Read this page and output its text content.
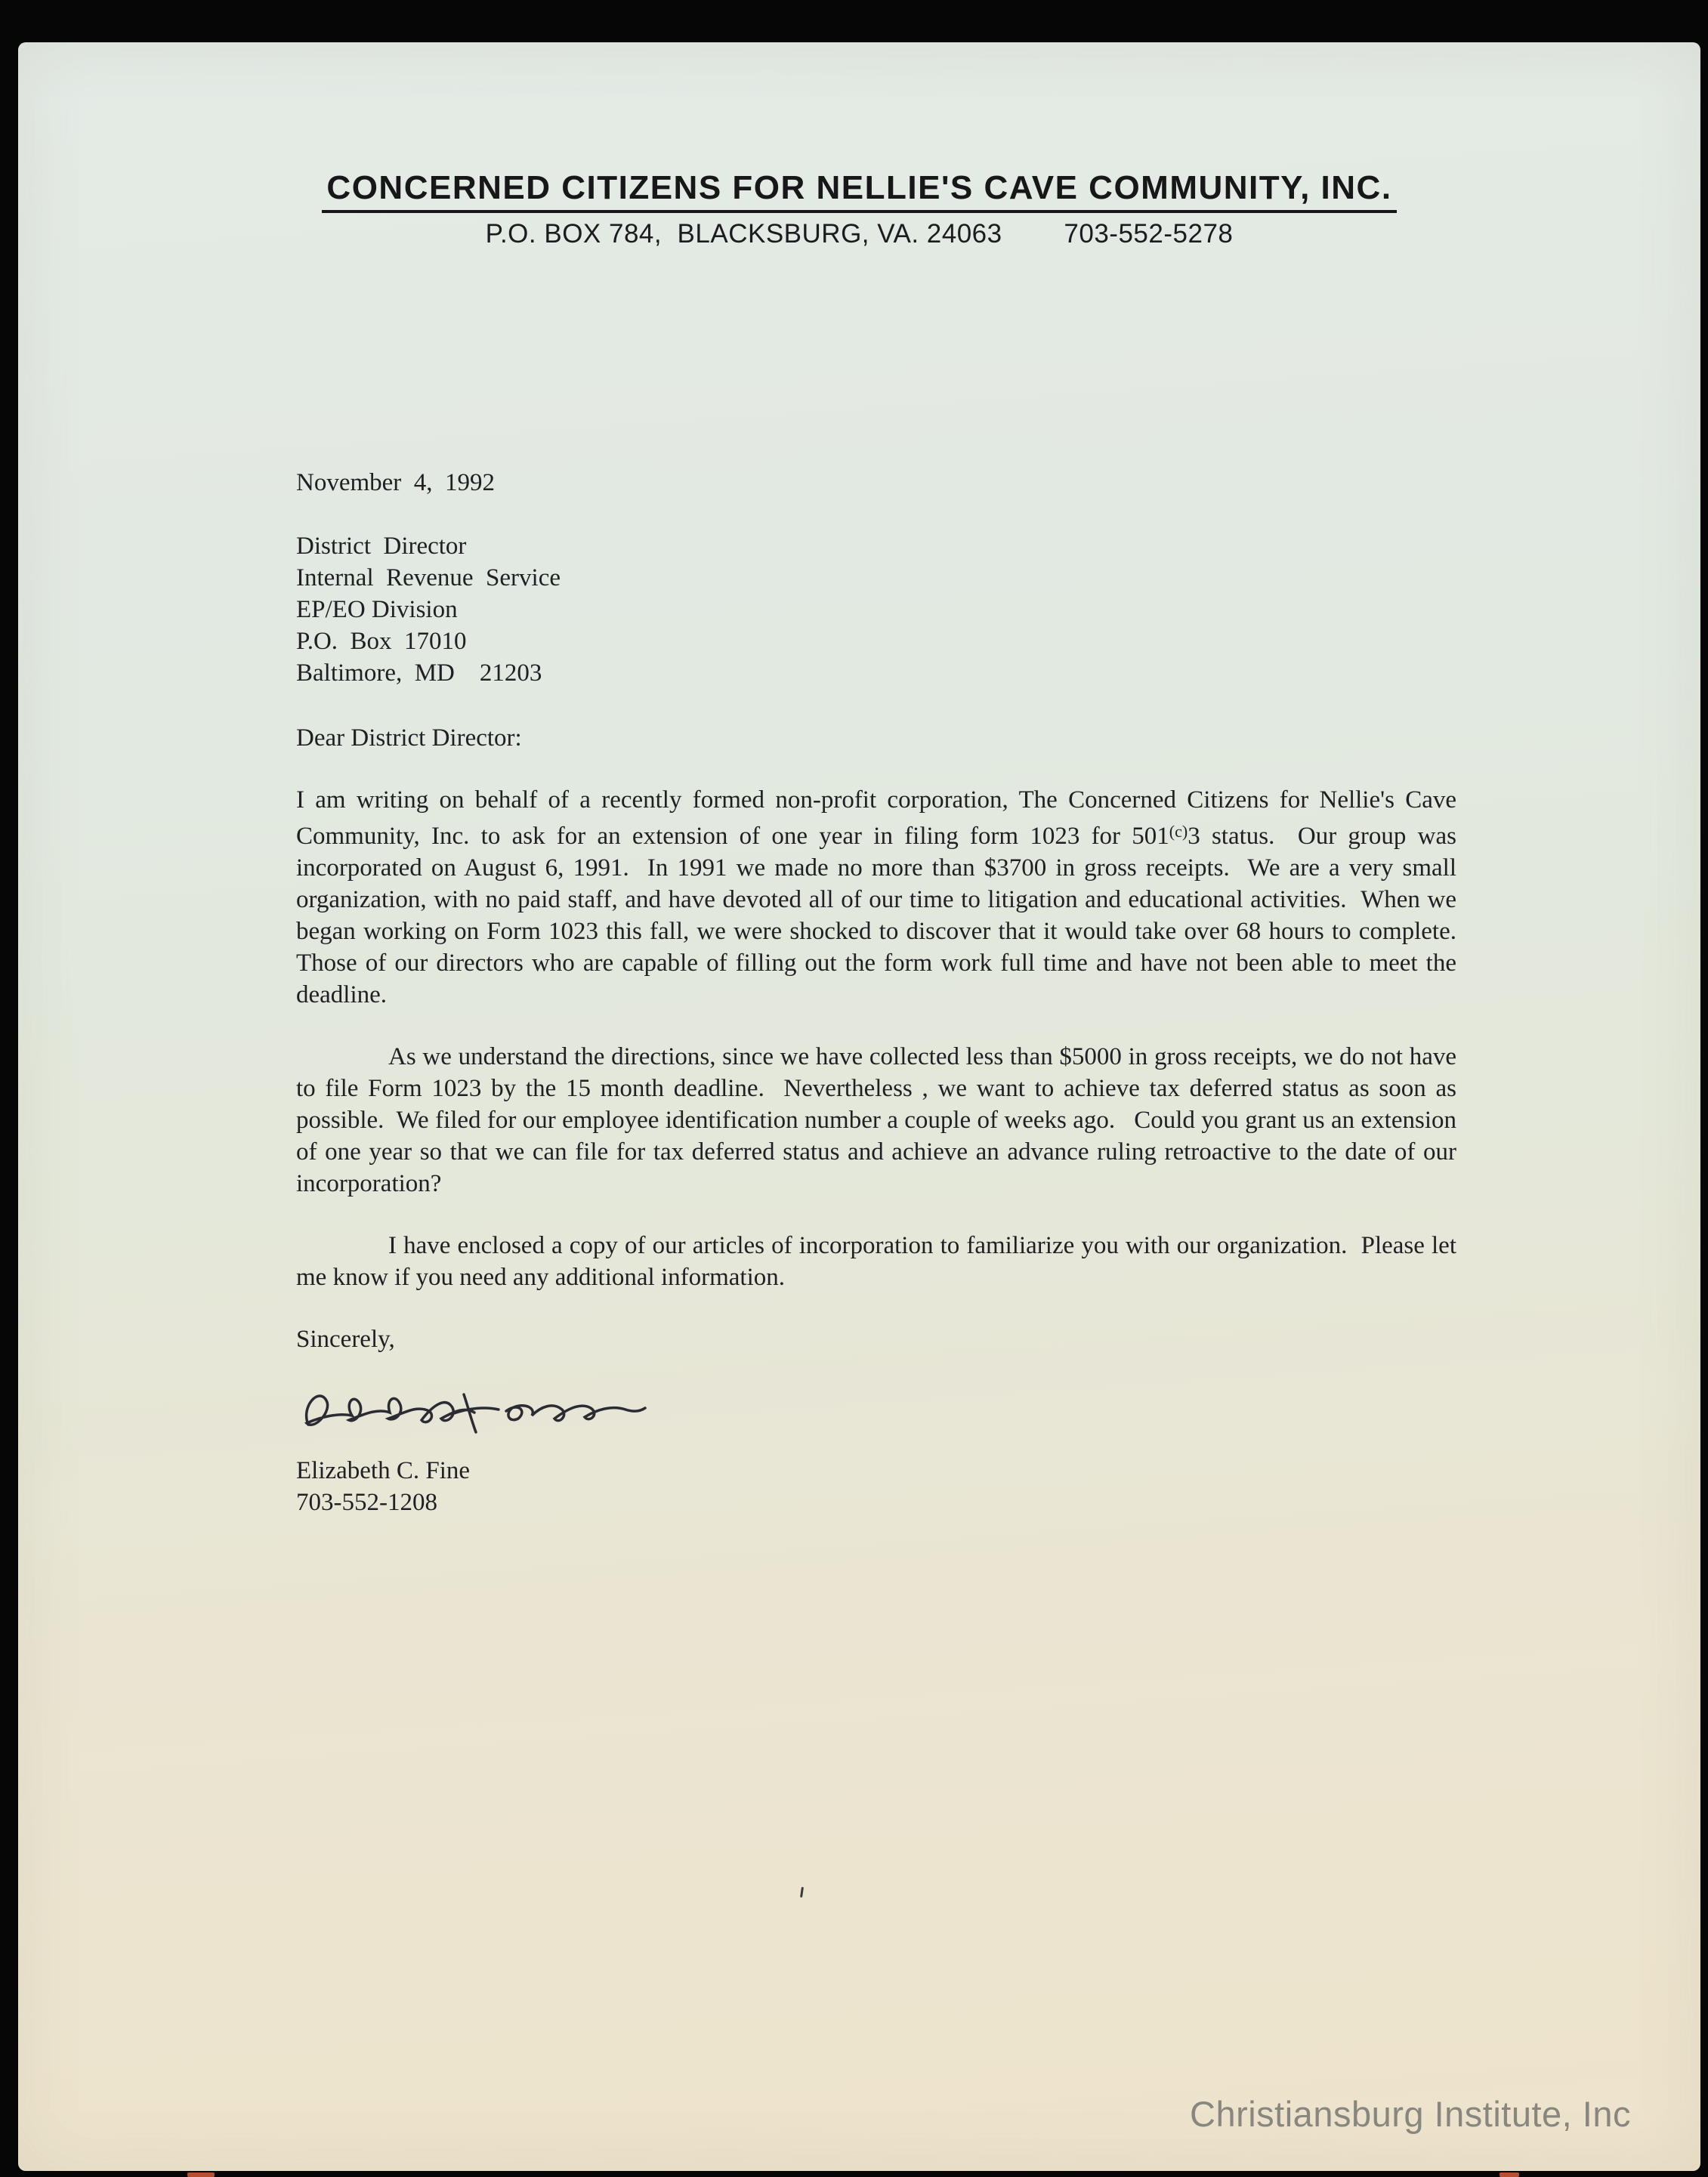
CONCERNED CITIZENS FOR NELLIE'S CAVE COMMUNITY, INC.
P.O. BOX 784,  BLACKSBURG, VA. 24063        703-552-5278
November  4,  1992
District  Director
Internal  Revenue  Service
EP/EO Division
P.O.  Box  17010
Baltimore,  MD    21203
Dear District Director:
I am writing on behalf of a recently formed non-profit corporation, The Concerned Citizens for Nellie's Cave Community, Inc. to ask for an extension of one year in filing form 1023 for 501$^{(c)}$3 status.  Our group was incorporated on August 6, 1991.  In 1991 we made no more than $3700 in gross receipts.  We are a very small organization, with no paid staff, and have devoted all of our time to litigation and educational activities.  When we began working on Form 1023 this fall, we were shocked to discover that it would take over 68 hours to complete.  Those of our directors who are capable of filling out the form work full time and have not been able to meet the deadline.
As we understand the directions, since we have collected less than $5000 in gross receipts, we do not have to file Form 1023 by the 15 month deadline.  Nevertheless , we want to achieve tax deferred status as soon as possible.  We filed for our employee identification number a couple of weeks ago.   Could you grant us an extension of one year so that we can file for tax deferred status and achieve an advance ruling retroactive to the date of our incorporation?
I have enclosed a copy of our articles of incorporation to familiarize you with our organization.  Please let me know if you need any additional information.
Sincerely,
Elizabeth C. Fine
703-552-1208
Christiansburg Institute, Inc
